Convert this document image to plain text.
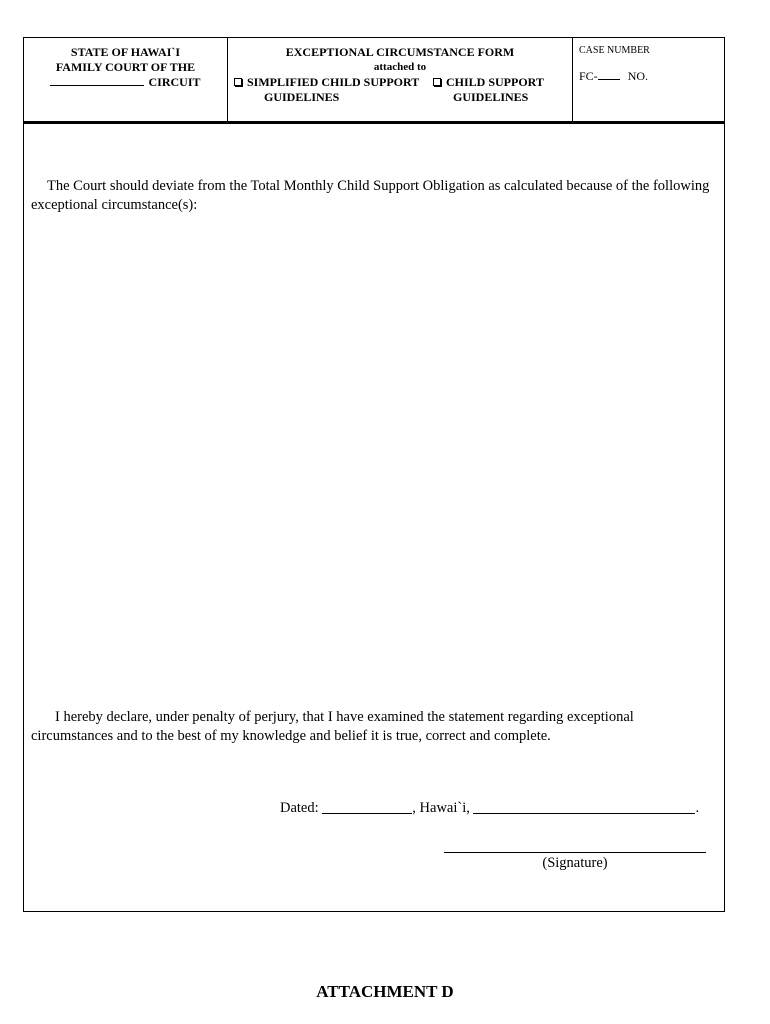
STATE OF HAWAI`I
FAMILY COURT OF THE
CIRCUIT
EXCEPTIONAL CIRCUMSTANCE FORM
attached to
SIMPLIFIED CHILD SUPPORT
GUIDELINES
CHILD SUPPORT
GUIDELINES
CASE NUMBER
FC-	NO.
The Court should deviate from the Total Monthly Child Support Obligation as calculated because of the following exceptional circumstance(s):
I hereby declare, under penalty of perjury, that I have examined the statement regarding exceptional circumstances and to the best of my knowledge and belief it is true, correct and complete.
Dated:	, Hawai`i,	.
(Signature)
ATTACHMENT D
